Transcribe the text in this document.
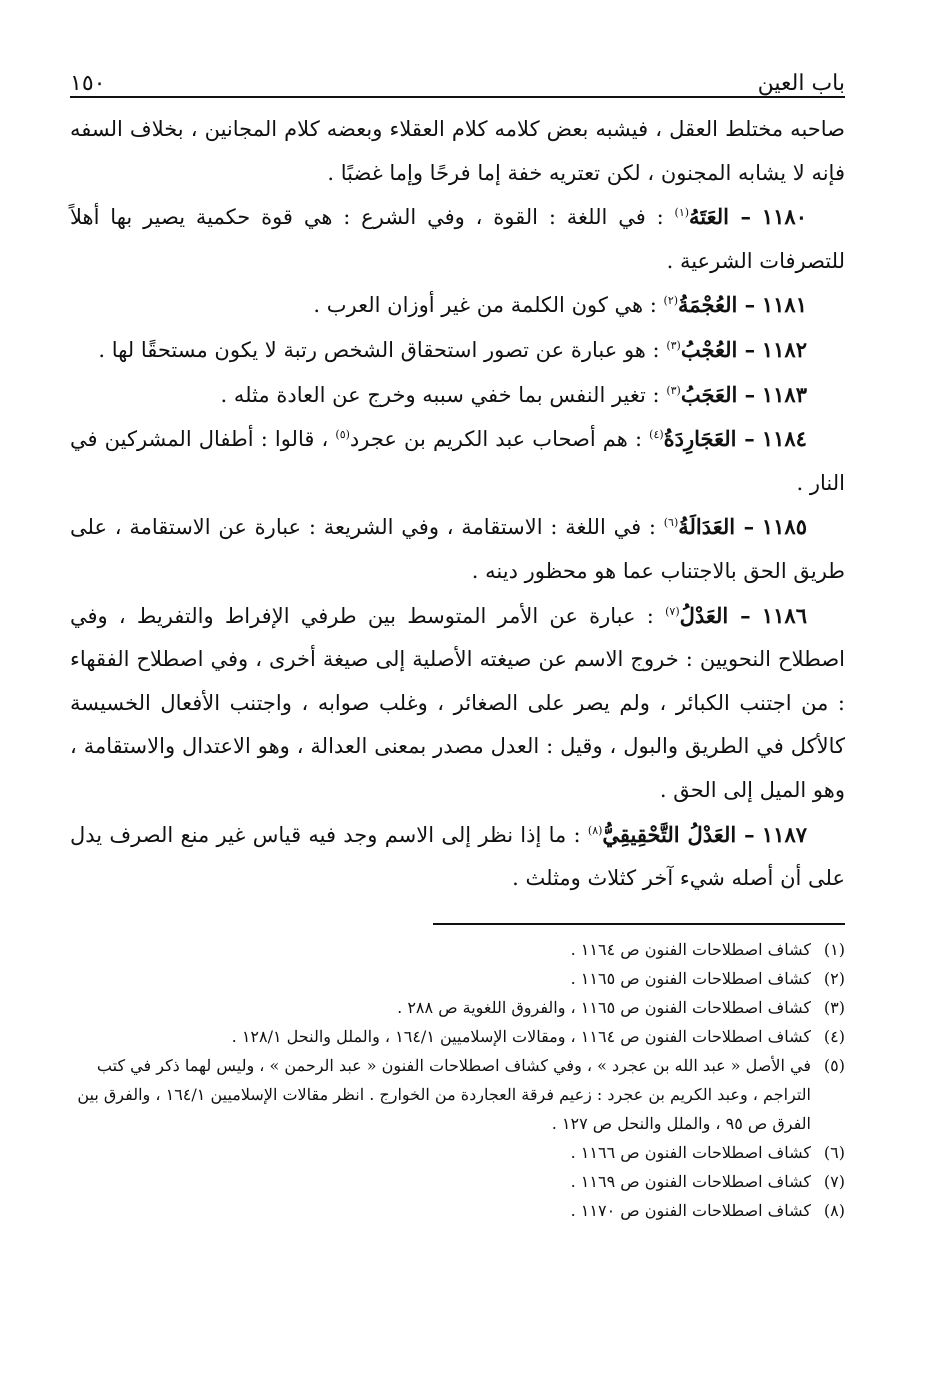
باب العين
١٥٠

صاحبه مختلط العقل ، فيشبه بعض كلامه كلام العقلاء وبعضه كلام المجانين ، بخلاف السفه فإنه لا يشابه المجنون ، لكن تعتريه خفة إما فرحًا وإما غضبًا .

١١٨٠ – العَتَهُ$^{(١)}$ : في اللغة : القوة ، وفي الشرع : هي قوة حكمية يصير بها أهلاً للتصرفات الشرعية .

١١٨١ – العُجْمَةُ$^{(٢)}$ : هي كون الكلمة من غير أوزان العرب .

١١٨٢ – العُجْبُ$^{(٣)}$ : هو عبارة عن تصور استحقاق الشخص رتبة لا يكون مستحقًا لها .

١١٨٣ – العَجَبُ$^{(٣)}$ : تغير النفس بما خفي سببه وخرج عن العادة مثله .

١١٨٤ – العَجَارِدَةُ$^{(٤)}$ : هم أصحاب عبد الكريم بن عجرد$^{(٥)}$ ، قالوا : أطفال المشركين في النار .

١١٨٥ – العَدَالَةُ$^{(٦)}$ : في اللغة : الاستقامة ، وفي الشريعة : عبارة عن الاستقامة ، على طريق الحق بالاجتناب عما هو محظور دينه .

١١٨٦ – العَدْلُ$^{(٧)}$ : عبارة عن الأمر المتوسط بين طرفي الإفراط والتفريط ، وفي اصطلاح النحويين : خروج الاسم عن صيغته الأصلية إلى صيغة أخرى ، وفي اصطلاح الفقهاء : من اجتنب الكبائر ، ولم يصر على الصغائر ، وغلب صوابه ، واجتنب الأفعال الخسيسة كالأكل في الطريق والبول ، وقيل : العدل مصدر بمعنى العدالة ، وهو الاعتدال والاستقامة ، وهو الميل إلى الحق .

١١٨٧ – العَدْلُ التَّحْقِيقِيُّ$^{(٨)}$ : ما إذا نظر إلى الاسم وجد فيه قياس غير منع الصرف يدل على أن أصله شيء آخر كثلاث ومثلث .

(١)
كشاف اصطلاحات الفنون ص ١١٦٤ .
(٢)
كشاف اصطلاحات الفنون ص ١١٦٥ .
(٣)
كشاف اصطلاحات الفنون ص ١١٦٥ ، والفروق اللغوية ص ٢٨٨ .
(٤)
كشاف اصطلاحات الفنون ص ١١٦٤ ، ومقالات الإسلاميين ١٦٤/١ ، والملل والنحل ١٢٨/١ .
(٥)
في الأصل « عبد الله بن عجرد » ، وفي كشاف اصطلاحات الفنون « عبد الرحمن » ، وليس لهما ذكر في كتب التراجم ، وعبد الكريم بن عجرد : زعيم فرقة العجاردة من الخوارج . انظر مقالات الإسلاميين ١٦٤/١ ، والفرق بين الفرق ص ٩٥ ، والملل والنحل ص ١٢٧ .
(٦)
كشاف اصطلاحات الفنون ص ١١٦٦ .
(٧)
كشاف اصطلاحات الفنون ص ١١٦٩ .
(٨)
كشاف اصطلاحات الفنون ص ١١٧٠ .
